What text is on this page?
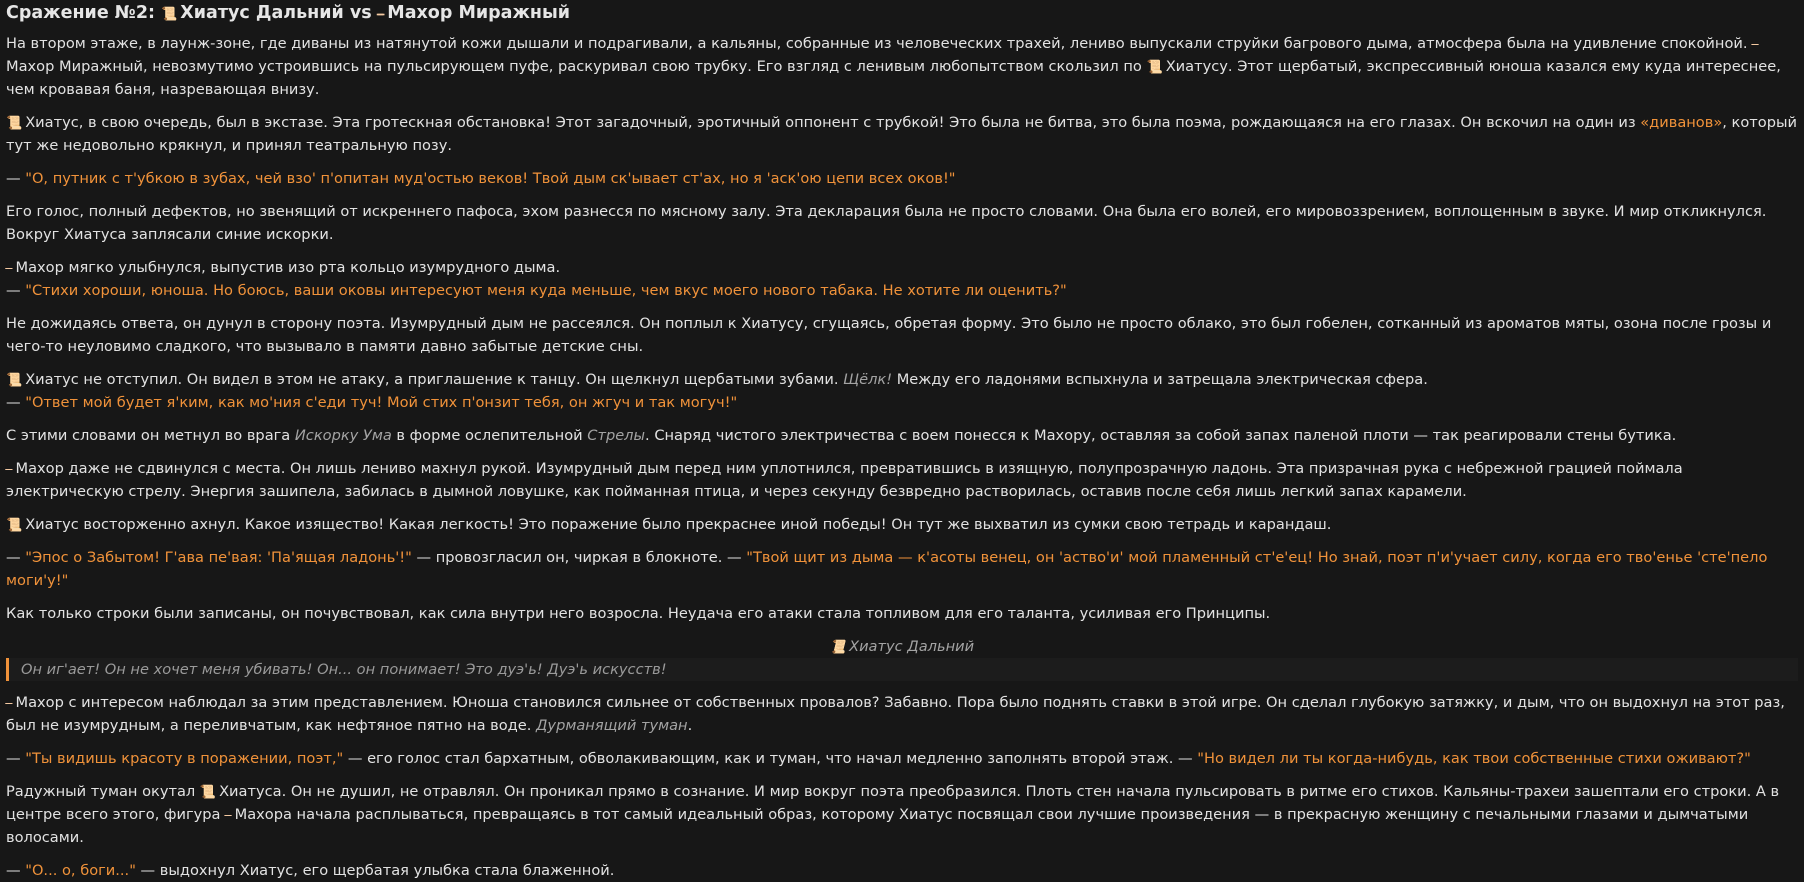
Сражение №2: 📜 Хиатус Дальний vs ⎯̶ Махор Миражный

На втором этаже, в лаунж-зоне, где диваны из натянутой кожи дышали и подрагивали, а кальяны, собранные из человеческих трахей, лениво выпускали струйки багрового дыма, атмосфера была на удивление спокойной. ⎯̶Махор Миражный, невозмутимо устроившись на пульсирующем пуфе, раскуривал свою трубку. Его взгляд с ленивым любопытством скользил по 📜 Хиатусу. Этот щербатый, экспрессивный юноша казался ему куда интереснее, чем кровавая баня, назревающая внизу.

📜 Хиатус, в свою очередь, был в экстазе. Эта гротескная обстановка! Этот загадочный, эротичный оппонент с трубкой! Это была не битва, это была поэма, рождающаяся на его глазах. Он вскочил на один из «диванов», который тут же недовольно крякнул, и принял театральную позу.

— "О, путник с т'убкою в зубах, чей взо' п'опитан муд'остью веков! Твой дым ск'ывает ст'ах, но я 'аск'ою цепи всех оков!"

Его голос, полный дефектов, но звенящий от искреннего пафоса, эхом разнесся по мясному залу. Эта декларация была не просто словами. Она была его волей, его мировоззрением, воплощенным в звуке. И мир откликнулся. Вокруг Хиатуса заплясали синие искорки.

⎯̶ Махор мягко улыбнулся, выпустив изо рта кольцо изумрудного дыма.

— "Стихи хороши, юноша. Но боюсь, ваши оковы интересуют меня куда меньше, чем вкус моего нового табака. Не хотите ли оценить?"

Не дожидаясь ответа, он дунул в сторону поэта. Изумрудный дым не рассеялся. Он поплыл к Хиатусу, сгущаясь, обретая форму. Это было не просто облако, это был гобелен, сотканный из ароматов мяты, озона после грозы и чего-то неуловимо сладкого, что вызывало в памяти давно забытые детские сны.

📜 Хиатус не отступил. Он видел в этом не атаку, а приглашение к танцу. Он щелкнул щербатыми зубами. Щёлк! Между его ладонями вспыхнула и затрещала электрическая сфера.

— "Ответ мой будет я'ким, как мо'ния с'еди туч! Мой стих п'онзит тебя, он жгуч и так могуч!"

С этими словами он метнул во врага Искорку Ума в форме ослепительной Стрелы. Снаряд чистого электричества с воем понесся к Махору, оставляя за собой запах паленой плоти — так реагировали стены бутика.

⎯̶ Махор даже не сдвинулся с места. Он лишь лениво махнул рукой. Изумрудный дым перед ним уплотнился, превратившись в изящную, полупрозрачную ладонь. Эта призрачная рука с небрежной грацией поймала электрическую стрелу. Энергия зашипела, забилась в дымной ловушке, как пойманная птица, и через секунду безвредно растворилась, оставив после себя лишь легкий запах карамели.

📜 Хиатус восторженно ахнул. Какое изящество! Какая легкость! Это поражение было прекраснее иной победы! Он тут же выхватил из сумки свою тетрадь и карандаш.

— "Эпос о Забытом! Г'ава пе'вая: 'Па'ящая ладонь'!" — провозгласил он, чиркая в блокноте. — "Твой щит из дыма — к'асоты венец, он 'аство'и' мой пламенный ст'е'ец! Но знай, поэт п'и'учает силу, когда его тво'енье 'сте'пело моги'у!"

Как только строки были записаны, он почувствовал, как сила внутри него возросла. Неудача его атаки стала топливом для его таланта, усиливая его Принципы.

📜 Хиатус Дальний
Он иг'ает! Он не хочет меня убивать! Он... он понимает! Это дуэ'ь! Дуэ'ь искусств!

⎯̶ Махор с интересом наблюдал за этим представлением. Юноша становился сильнее от собственных провалов? Забавно. Пора было поднять ставки в этой игре. Он сделал глубокую затяжку, и дым, что он выдохнул на этот раз, был не изумрудным, а переливчатым, как нефтяное пятно на воде. Дурманящий туман.

— "Ты видишь красоту в поражении, поэт," — его голос стал бархатным, обволакивающим, как и туман, что начал медленно заполнять второй этаж. — "Но видел ли ты когда-нибудь, как твои собственные стихи оживают?"

Радужный туман окутал 📜 Хиатуса. Он не душил, не отравлял. Он проникал прямо в сознание. И мир вокруг поэта преобразился. Плоть стен начала пульсировать в ритме его стихов. Кальяны-трахеи зашептали его строки. А в центре всего этого, фигура ⎯̶ Махора начала расплываться, превращаясь в тот самый идеальный образ, которому Хиатус посвящал свои лучшие произведения — в прекрасную женщину с печальными глазами и дымчатыми волосами.

— "О... о, боги..." — выдохнул Хиатус, его щербатая улыбка стала блаженной.
